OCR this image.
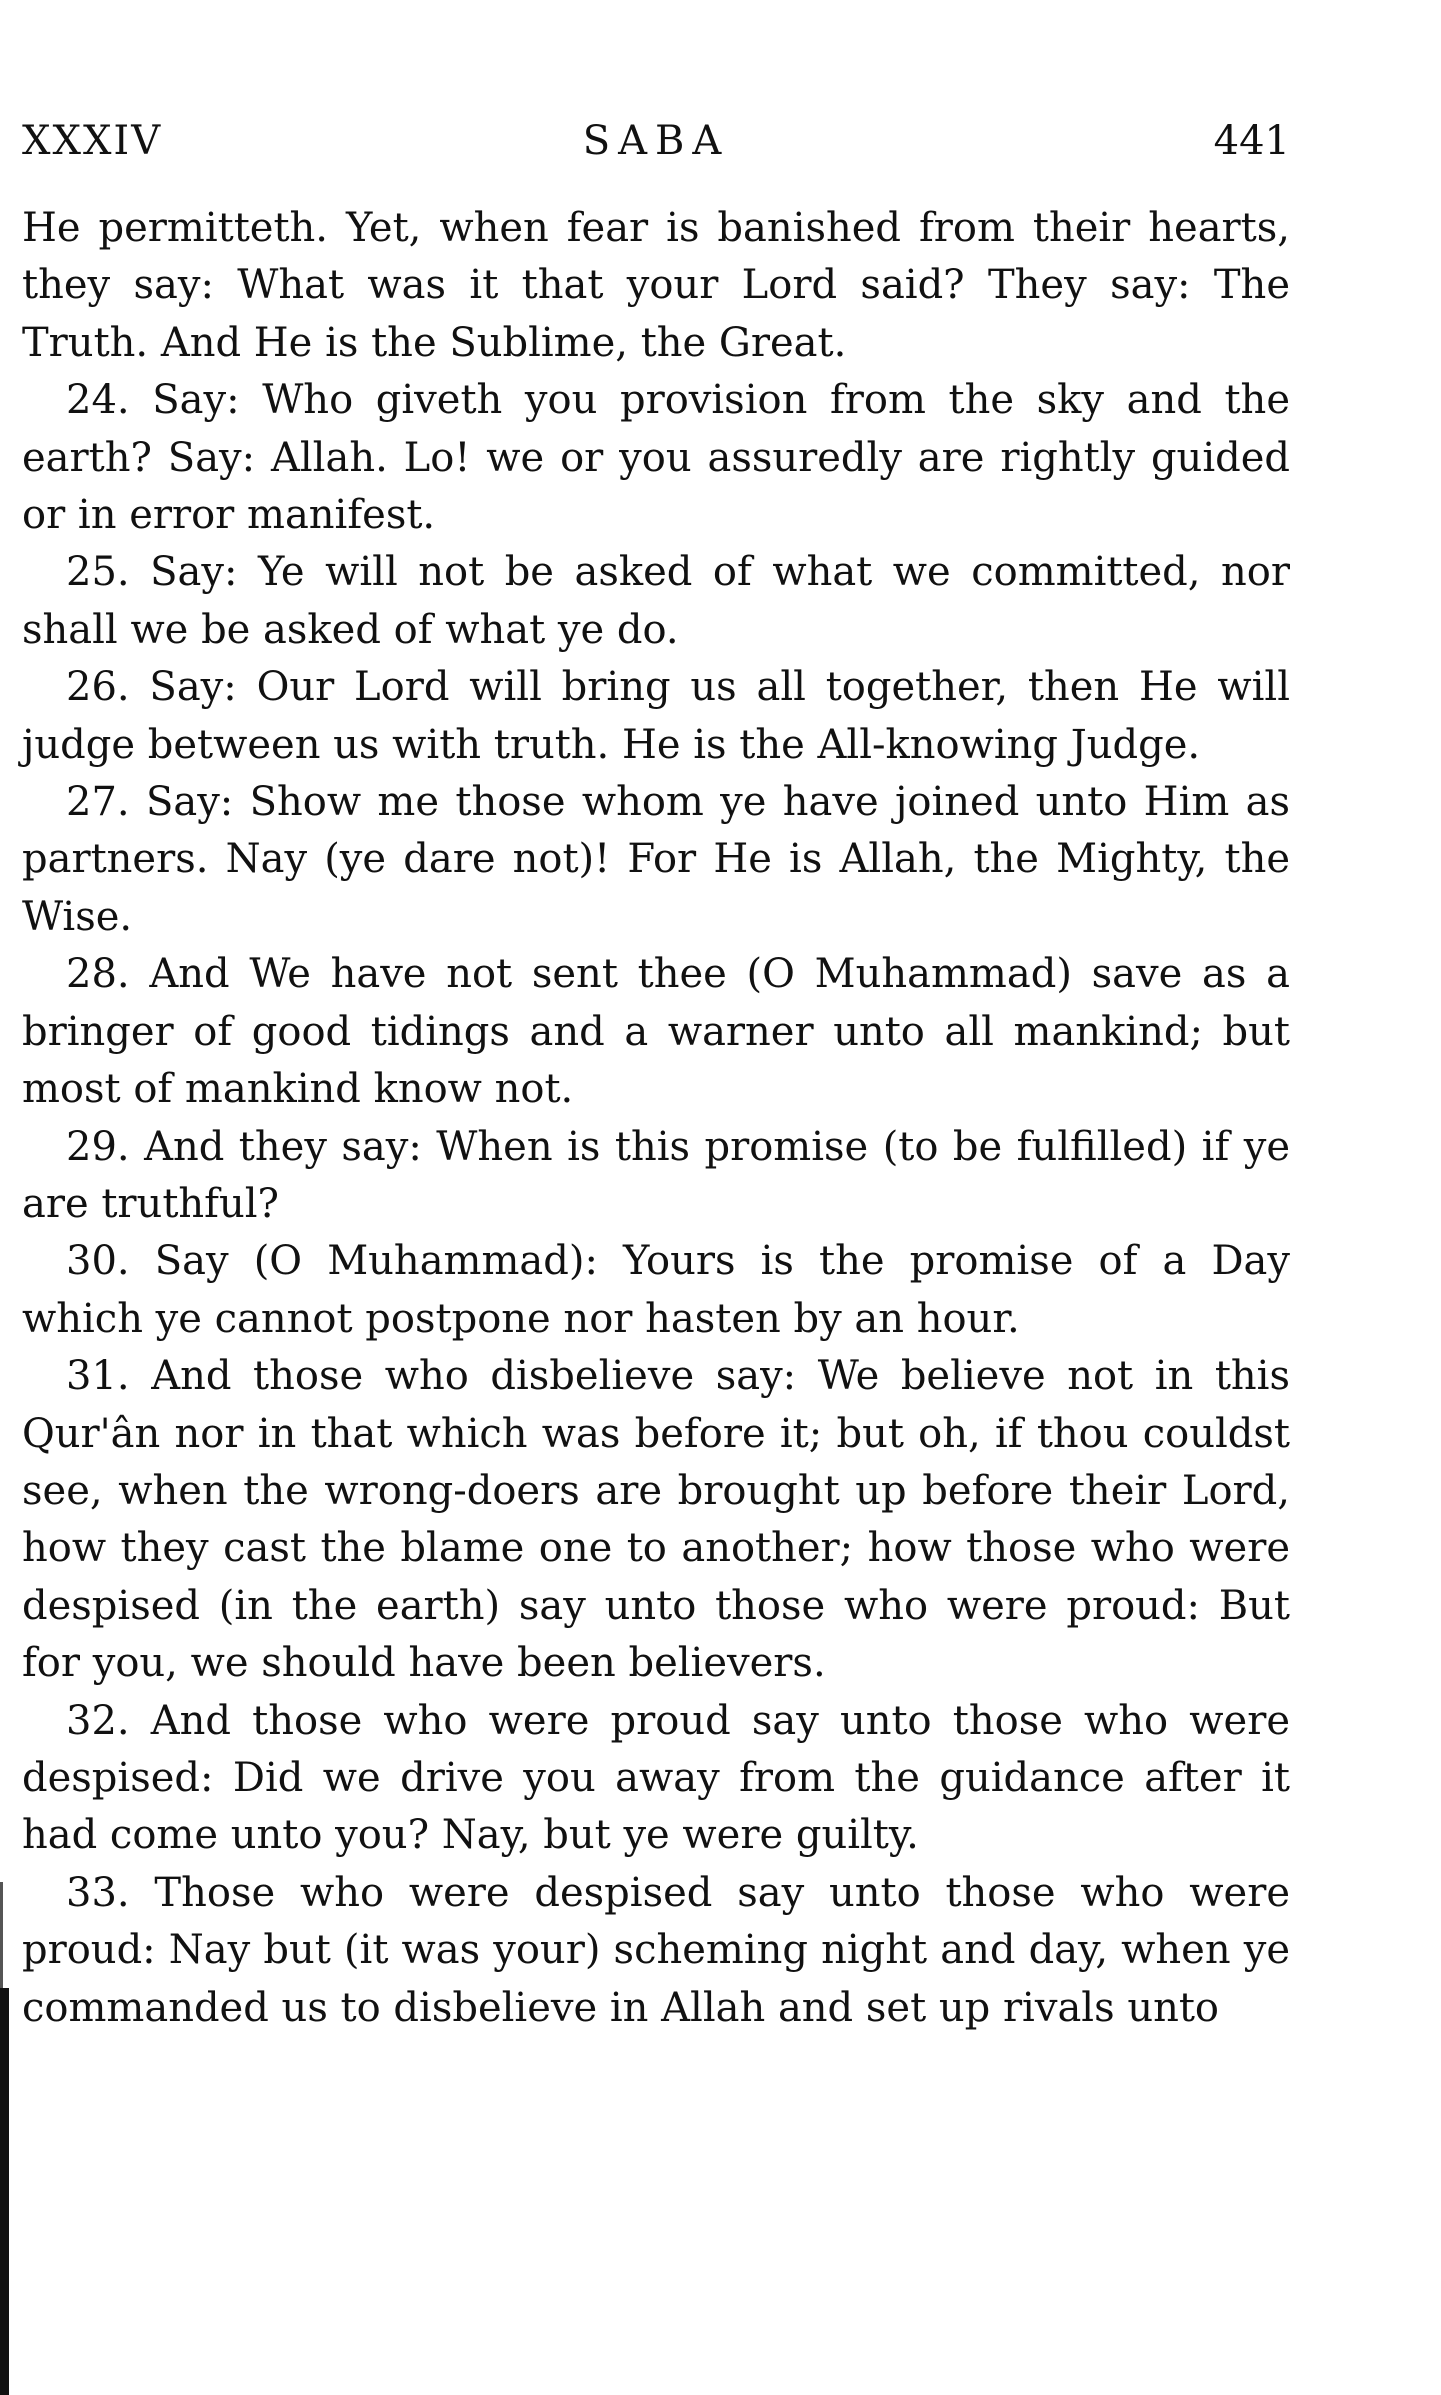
XXXIV	SABA	441

He permitteth. Yet, when fear is banished from their hearts, they say: What was it that your Lord said? They say: The Truth. And He is the Sublime, the Great.

24. Say: Who giveth you provision from the sky and the earth? Say: Allah. Lo! we or you assuredly are rightly guided or in error manifest.

25. Say: Ye will not be asked of what we committed, nor shall we be asked of what ye do.

26. Say: Our Lord will bring us all together, then He will judge between us with truth. He is the All-knowing Judge.

27. Say: Show me those whom ye have joined unto Him as partners. Nay (ye dare not)! For He is Allah, the Mighty, the Wise.

28. And We have not sent thee (O Muhammad) save as a bringer of good tidings and a warner unto all mankind; but most of mankind know not.

29. And they say: When is this promise (to be fulfilled) if ye are truthful?

30. Say (O Muhammad): Yours is the promise of a Day which ye cannot postpone nor hasten by an hour.

31. And those who disbelieve say: We believe not in this Qur'ân nor in that which was before it; but oh, if thou couldst see, when the wrong-doers are brought up before their Lord, how they cast the blame one to another; how those who were despised (in the earth) say unto those who were proud: But for you, we should have been believers.

32. And those who were proud say unto those who were despised: Did we drive you away from the guidance after it had come unto you? Nay, but ye were guilty.

33. Those who were despised say unto those who were proud: Nay but (it was your) scheming night and day, when ye commanded us to disbelieve in Allah and set up rivals unto
